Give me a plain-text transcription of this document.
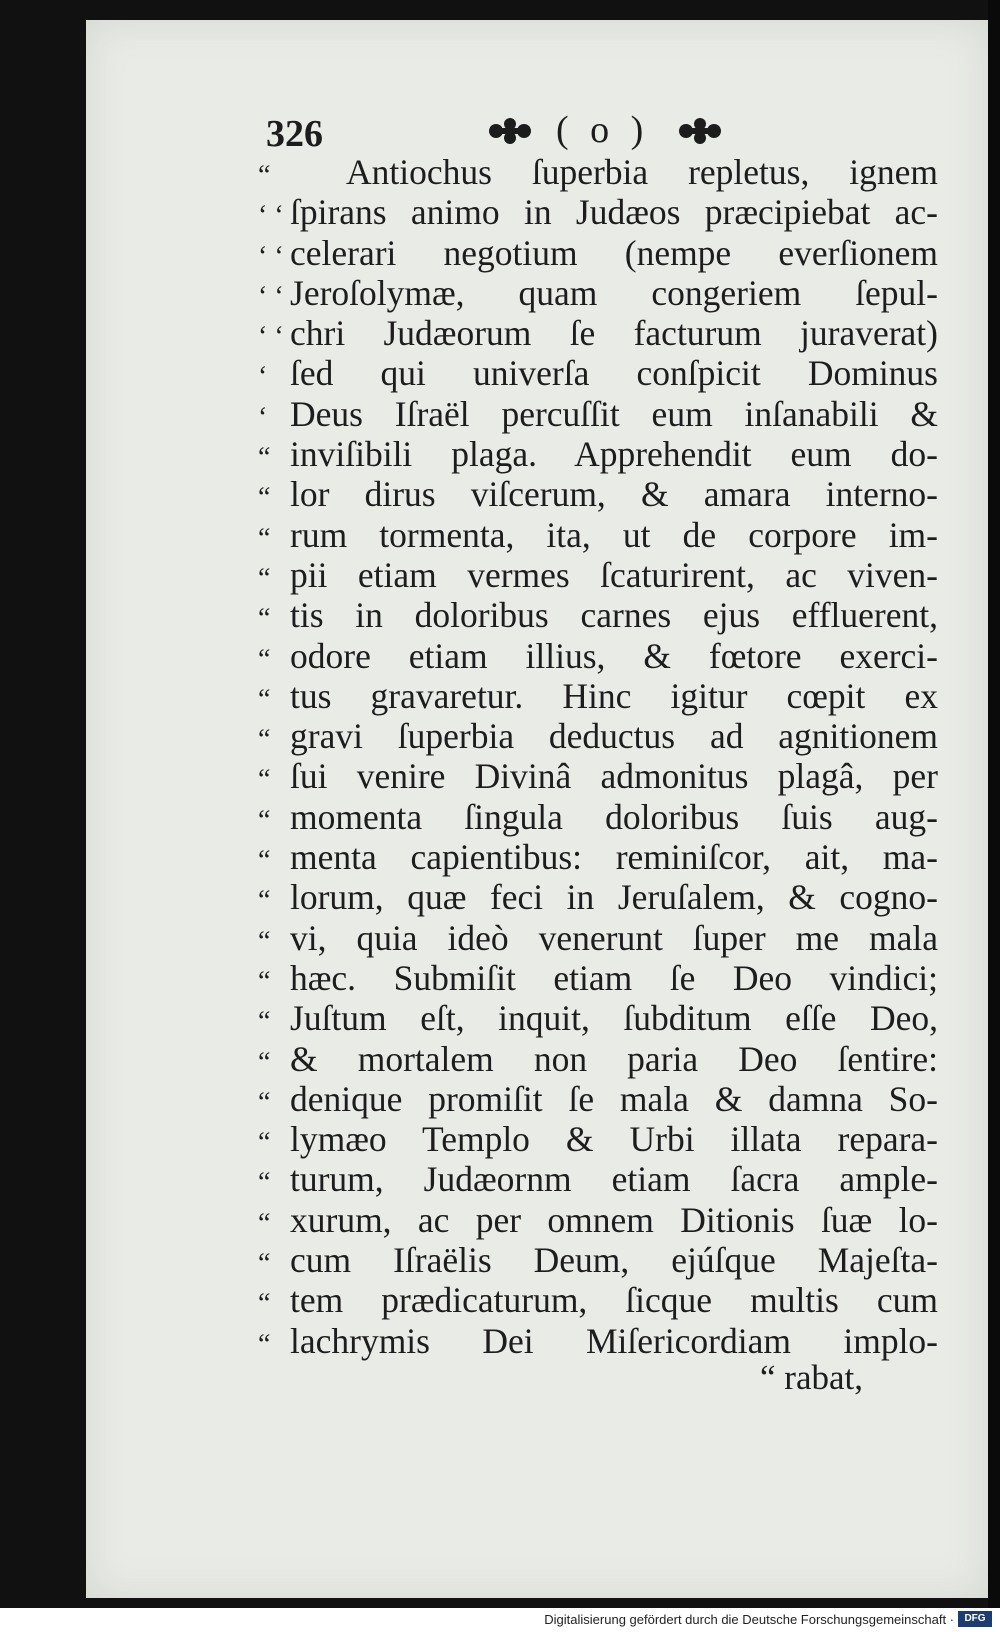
326	( o )
“	Antiochus ſuperbia repletus, ignem
‘ ‘ ſpirans animo in Judæos præcipiebat ac-
‘ ‘ celerari negotium (nempe everſionem
‘ ‘ Jeroſolymæ, quam congeriem ſepul-
‘ ‘ chri Judæorum ſe facturum juraverat)
‘ ſed qui univerſa conſpicit Dominus
‘ Deus Iſraël percuſſit eum inſanabili &
“ inviſibili plaga. Apprehendit eum do-
“ lor dirus viſcerum, & amara interno-
“ rum tormenta, ita, ut de corpore im-
“ pii etiam vermes ſcaturirent, ac viven-
“ tis in doloribus carnes ejus effluerent,
“ odore etiam illius, & fœtore exerci-
“ tus gravaretur. Hinc igitur cœpit ex
“ gravi ſuperbia deductus ad agnitionem
“ ſui venire Divinâ admonitus plagâ, per
“ momenta ſingula doloribus ſuis aug-
“ menta capientibus: reminiſcor, ait, ma-
“ lorum, quæ feci in Jeruſalem, & cogno-
“ vi, quia ideò venerunt ſuper me mala
“ hæc. Submiſit etiam ſe Deo vindici;
“ Juſtum eſt, inquit, ſubditum eſſe Deo,
“ & mortalem non paria Deo ſentire:
“ denique promiſit ſe mala & damna So-
“ lymæo Templo & Urbi illata repara-
“ turum, Judæornm etiam ſacra ample-
“ xurum, ac per omnem Ditionis ſuæ lo-
“ cum Iſraëlis Deum, ejúſque Majeſta-
“ tem prædicaturum, ſicque multis cum
“ lachrymis Dei Miſericordiam implo-
“ rabat,
Digitalisierung gefördert durch die Deutsche Forschungsgemeinschaft ·	DFG
